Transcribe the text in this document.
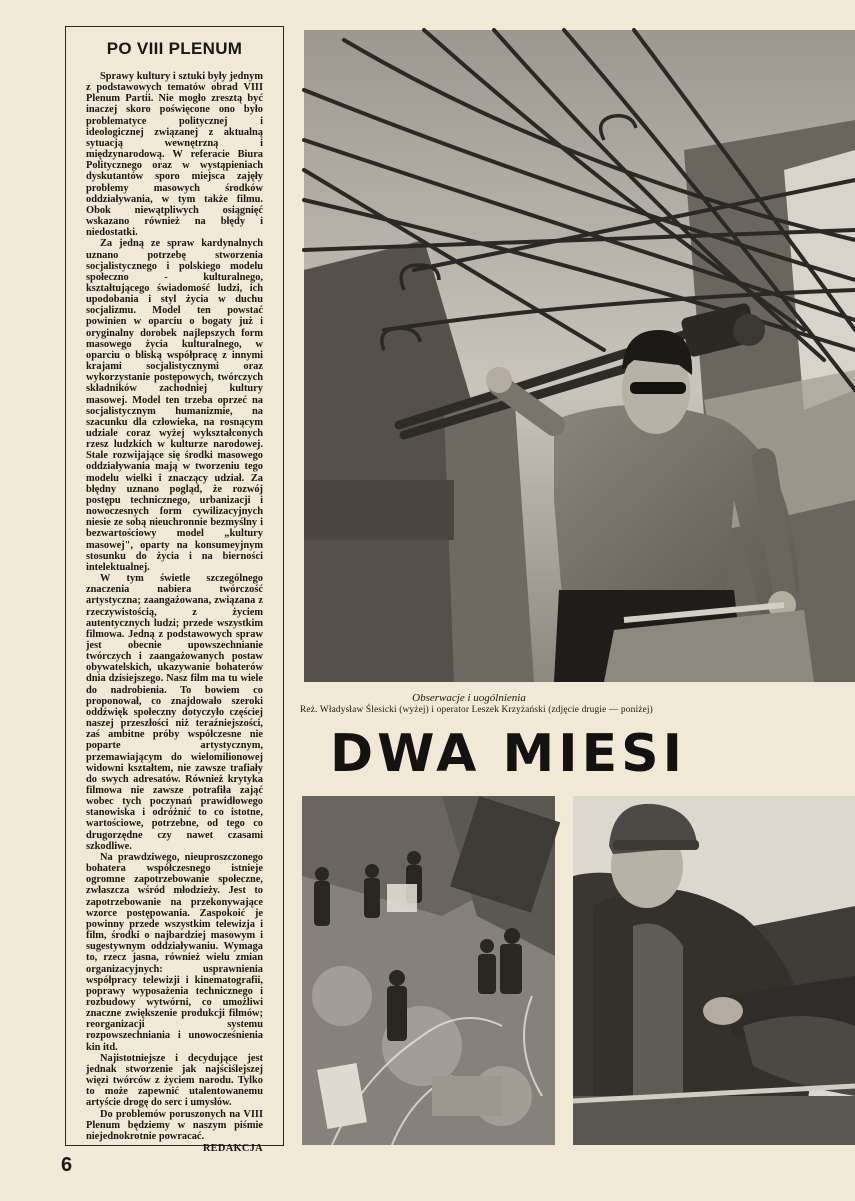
PO VIII PLENUM

Sprawy kultury i sztuki były jednym z podstawowych tematów obrad VIII Plenum Partii. Nie mogło zresztą być inaczej skoro poświęcone ono było problematyce politycznej i ideologicznej związanej z aktualną sytuacją wewnętrzną i międzynarodową. W referacie Biura Politycznego oraz w wystąpieniach dyskutantów sporo miejsca zajęły problemy masowych środków oddziaływania, w tym także filmu. Obok niewątpliwych osiągnięć wskazano również na błędy i niedostatki.

Za jedną ze spraw kardynalnych uznano potrzebę stworzenia socjalistycznego i polskiego modelu społeczno - kulturalnego, kształtującego świadomość ludzi, ich upodobania i styl życia w duchu socjalizmu. Model ten powstać powinien w oparciu o bogaty już i oryginalny dorobek najlepszych form masowego życia kulturalnego, w oparciu o bliską współpracę z innymi krajami socjalistycznymi oraz wykorzystanie postępowych, twórczych składników zachodniej kultury masowej. Model ten trzeba oprzeć na socjalistycznym humanizmie, na szacunku dla człowieka, na rosnącym udziale coraz wyżej wykształconych rzesz ludzkich w kulturze narodowej. Stale rozwijające się środki masowego oddziaływania mają w tworzeniu tego modelu wielki i znaczący udział. Za błędny uznano pogląd, że rozwój postępu technicznego, urbanizacji i nowoczesnych form cywilizacyjnych niesie ze sobą nieuchronnie bezmyślny i bezwartościowy model „kultury masowej", oparty na konsumeyjnym stosunku do życia i na bierności intelektualnej.

W tym świetle szczególnego znaczenia nabiera twórczość artystyczna; zaangażowana, związana z rzeczywistością, z życiem autentycznych ludzi; przede wszystkim filmowa. Jedną z podstawowych spraw jest obecnie upowszechnianie twórczych i zaangażowanych postaw obywatelskich, ukazywanie bohaterów dnia dzisiejszego. Nasz film ma tu wiele do nadrobienia. To bowiem co proponował, co znajdowało szeroki oddźwięk społeczny dotyczyło częściej naszej przeszłości niż teraźniejszości, zaś ambitne próby współczesne nie poparte artystycznym, przemawiającym do wielomilionowej widowni kształtem, nie zawsze trafiały do swych adresatów. Również krytyka filmowa nie zawsze potrafiła zająć wobec tych poczynań prawidłowego stanowiska i odróżnić to co istotne, wartościowe, potrzebne, od tego co drugorzędne czy nawet czasami szkodliwe.

Na prawdziwego, nieuproszczonego bohatera współczesnego istnieje ogromne zapotrzebowanie społeczne, zwłaszcza wśród młodzieży. Jest to zapotrzebowanie na przekonywające wzorce postępowania. Zaspokoić je powinny przede wszystkim telewizja i film, środki o najbardziej masowym i sugestywnym oddziaływaniu. Wymaga to, rzecz jasna, również wielu zmian organizacyjnych: usprawnienia współpracy telewizji i kinematografii, poprawy wyposażenia technicznego i rozbudowy wytwórni, co umożliwi znaczne zwiększenie produkcji filmów; reorganizacji systemu rozpowszechniania i unowocześnienia kin itd.

Najistotniejsze i decydujące jest jednak stworzenie jak najściślejszej więzi twórców z życiem narodu. Tylko to może zapewnić utalentowanemu artyście drogę do serc i umysłów.

Do problemów poruszonych na VIII Plenum będziemy w naszym piśmie niejednokrotnie powracać.

REDAKCJA
Obserwacje i uogólnienia
Reż. Władysław Ślesicki (wyżej) i operator Leszek Krzyżański (zdjęcie drugie — poniżej)
DWA MIESI
6
